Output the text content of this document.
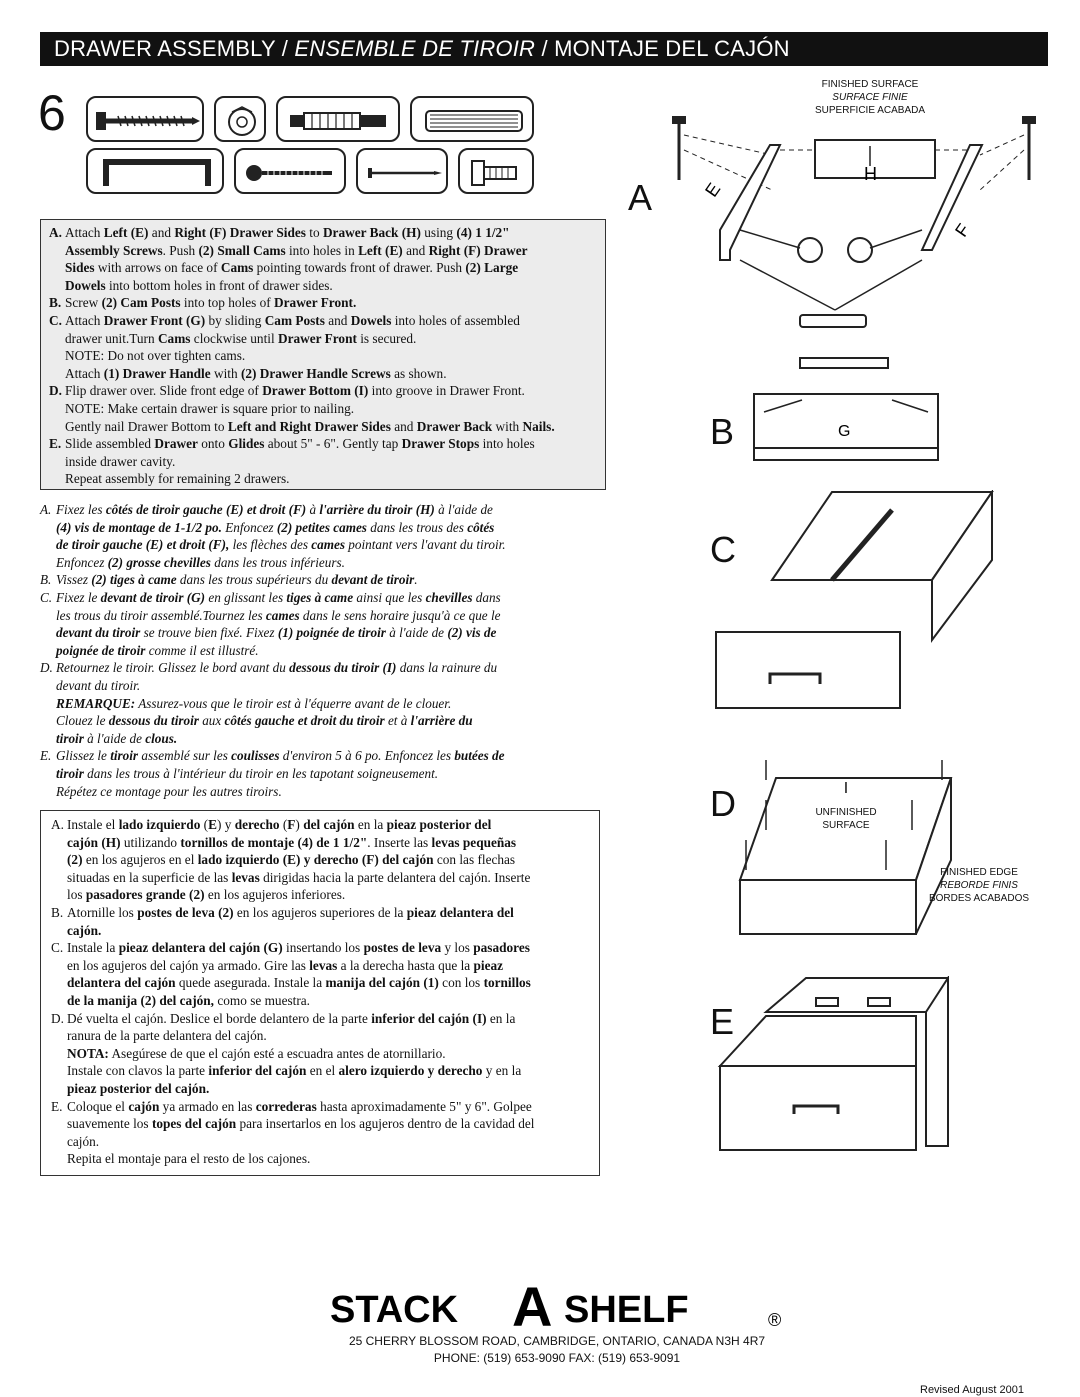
DRAWER ASSEMBLY / ENSEMBLE DE TIROIR / MONTAJE DEL CAJÓN
6
A. Attach Left (E) and Right (F) Drawer Sides to Drawer Back (H) using (4) 1 1/2"
Assembly Screws. Push (2) Small Cams into holes in Left (E) and Right (F) Drawer
Sides with arrows on face of Cams pointing towards front of drawer. Push (2) Large
Dowels into bottom holes in front of drawer sides.
B. Screw (2) Cam Posts into top holes of Drawer Front.
C. Attach Drawer Front (G) by sliding Cam Posts and Dowels into holes of assembled
drawer unit.Turn Cams clockwise until Drawer Front is secured.
NOTE: Do not over tighten cams.
Attach (1) Drawer Handle with (2) Drawer Handle Screws as shown.
D. Flip drawer over. Slide front edge of Drawer Bottom (I) into groove in Drawer Front.
NOTE: Make certain drawer is square prior to nailing.
Gently nail Drawer Bottom to Left and Right Drawer Sides and Drawer Back with Nails.
E. Slide assembled Drawer onto Glides about 5" - 6". Gently tap Drawer Stops into holes
inside drawer cavity.
Repeat assembly for remaining 2 drawers.
A. Fixez les côtés de tiroir gauche (E) et droit (F) à l'arrière du tiroir (H) à l'aide de
(4) vis de montage de 1-1/2 po. Enfoncez (2) petites cames dans les trous des côtés
de tiroir gauche (E) et droit (F), les flèches des cames pointant vers l'avant du tiroir.
Enfoncez (2) grosse chevilles dans les trous inférieurs.
B. Vissez (2) tiges à came dans les trous supérieurs du devant de tiroir.
C. Fixez le devant de tiroir (G) en glissant les tiges à came ainsi que les chevilles dans
les trous du tiroir assemblé.Tournez les cames dans le sens horaire jusqu'à ce que le
devant du tiroir se trouve bien fixé. Fixez (1) poignée de tiroir à l'aide de (2) vis de
poignée de tiroir comme il est illustré.
D. Retournez le tiroir. Glissez le bord avant du dessous du tiroir (I) dans la rainure du
devant du tiroir.
REMARQUE: Assurez-vous que le tiroir est à l'équerre avant de le clouer.
Clouez le dessous du tiroir aux côtés gauche et droit du tiroir et à l'arrière du
tiroir à l'aide de clous.
E. Glissez le tiroir assemblé sur les coulisses d'environ 5 à 6 po. Enfoncez les butées de
tiroir dans les trous à l'intérieur du tiroir en les tapotant soigneusement.
Répétez ce montage pour les autres tiroirs.
A. Instale el lado izquierdo (E) y derecho (F) del cajón en la pieaz posterior del
cajón (H) utilizando tornillos de montaje (4) de 1 1/2". Inserte las levas pequeñas
(2) en los agujeros en el lado izquierdo (E) y derecho (F) del cajón con las flechas
situadas en la superficie de las levas dirigidas hacia la parte delantera del cajón. Inserte
los pasadores grande (2) en los agujeros inferiores.
B. Atornille los postes de leva (2) en los agujeros superiores de la pieaz delantera del
cajón.
C. Instale la pieaz delantera del cajón (G) insertando los postes de leva y los pasadores
en los agujeros del cajón ya armado. Gire las levas a la derecha hasta que la pieaz
delantera del cajón quede asegurada. Instale la manija del cajón (1) con los tornillos
de la manija (2) del cajón, como se muestra.
D. Dé vuelta el cajón. Deslice el borde delantero de la parte inferior del cajón (I) en la
ranura de la parte delantera del cajón.
NOTA: Asegúrese de que el cajón esté a escuadra antes de atornillario.
Instale con clavos la parte inferior del cajón en el alero izquierdo y derecho y en la
pieaz posterior del cajón.
E. Coloque el cajón ya armado en las correderas hasta aproximadamente 5" y 6". Golpee
suavemente los topes del cajón para insertarlos en los agujeros dentro de la cavidad del
cajón.
Repita el montaje para el resto de los cajones.
FINISHED SURFACE
SURFACE FINIE
SUPERFICIE ACABADA
A
B
C
D
E
H
E
F
G
I
UNFINISHED
SURFACE
FINISHED EDGE
REBORDE FINIS
BORDES ACABADOS
STACK A SHELF	®
25 CHERRY BLOSSOM ROAD, CAMBRIDGE, ONTARIO, CANADA N3H 4R7
PHONE: (519) 653-9090 FAX: (519) 653-9091
Revised August 2001
